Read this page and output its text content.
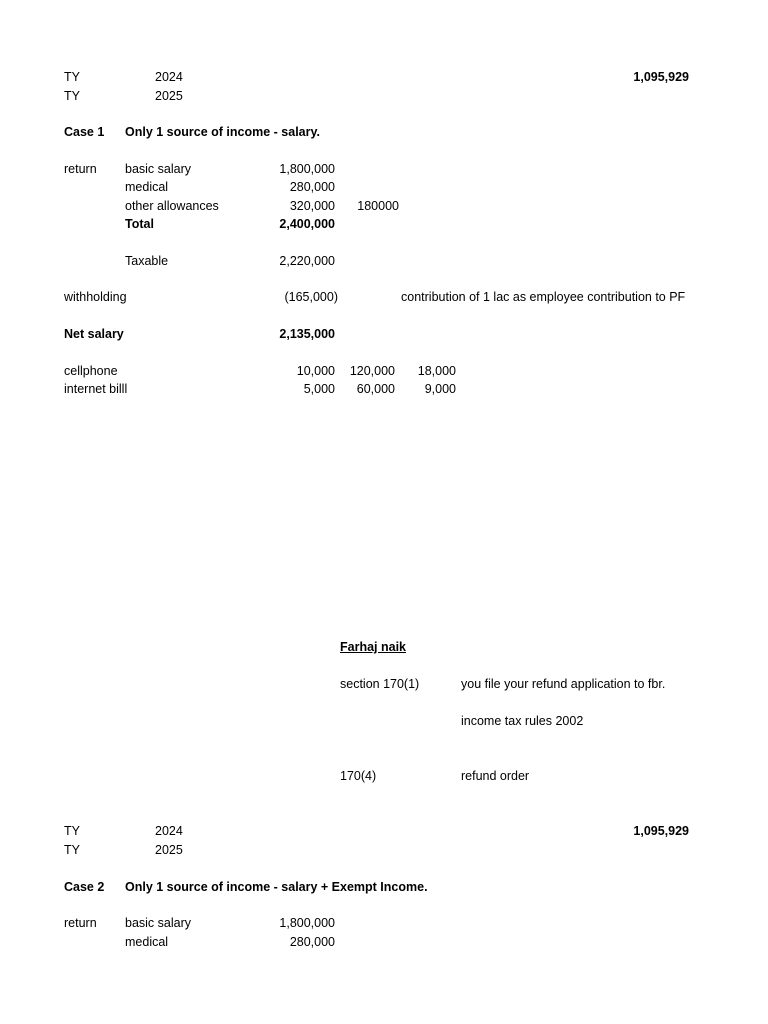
TY	2024	1,095,929
TY	2025
Case 1 Only 1 source of income - salary.
return basic salary	1,800,000
medical	280,000
other allowances	320,000 180000
Total	2,400,000
Taxable	2,220,000
withholding	(165,000)	contribution of 1 lac as employee contribution to PF
Net salary	2,135,000
cellphone	10,000 120,000 18,000
internet billl	5,000 60,000 9,000
Farhaj naik
section 170(1)	you file your refund application to fbr.
income tax rules 2002
170(4)	refund order
TY	2024	1,095,929
TY	2025
Case 2 Only 1 source of income - salary + Exempt Income.
return basic salary	1,800,000
medical	280,000
